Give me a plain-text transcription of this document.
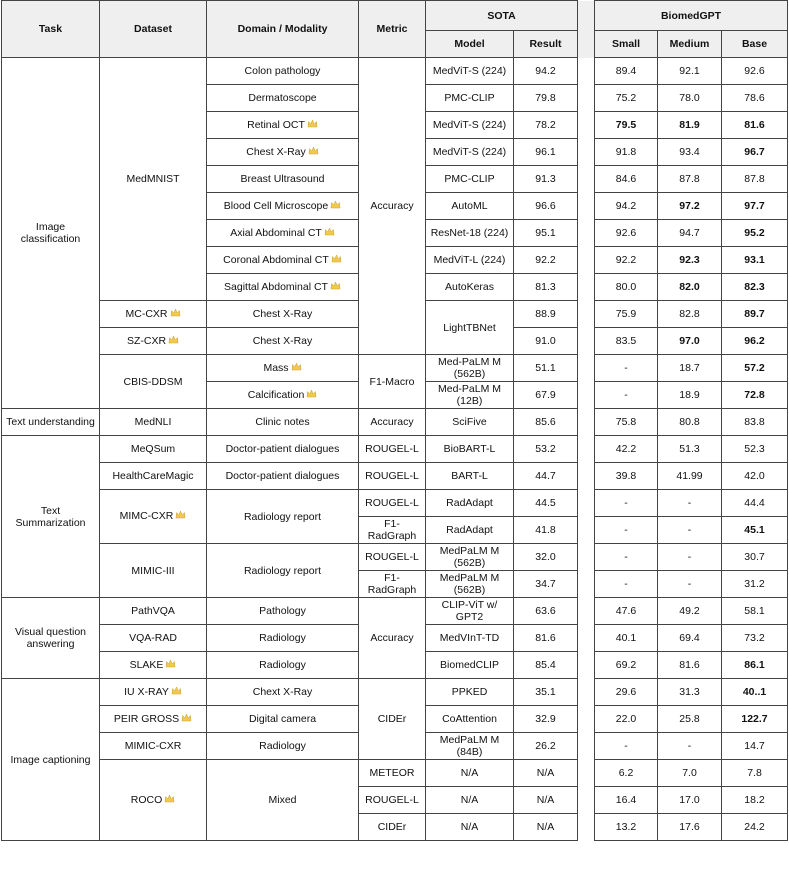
Task	Dataset	Domain / Modality	Metric	SOTA			BiomedGPT		
				Model	Result		Small	Medium	Base
Image classification	MedMNIST	Colon pathology	Accuracy	MedViT-S (224)	94.2		89.4	92.1	92.6
		Dermatoscope		PMC-CLIP	79.8		75.2	78.0	78.6
		Retinal OCT		MedViT-S (224)	78.2		79.5	81.9	81.6
		Chest X-Ray		MedViT-S (224)	96.1		91.8	93.4	96.7
		Breast Ultrasound		PMC-CLIP	91.3		84.6	87.8	87.8
		Blood Cell Microscope		AutoML	96.6		94.2	97.2	97.7
		Axial Abdominal CT		ResNet-18 (224)	95.1		92.6	94.7	95.2
		Coronal Abdominal CT		MedViT-L (224)	92.2		92.2	92.3	93.1
		Sagittal Abdominal CT		AutoKeras	81.3		80.0	82.0	82.3
	MC-CXR	Chest X-Ray		LightTBNet	88.9		75.9	82.8	89.7
	SZ-CXR	Chest X-Ray			91.0		83.5	97.0	96.2
	CBIS-DDSM	Mass	F1-Macro	Med-PaLM M (562B)	51.1		-	18.7	57.2
		Calcification		Med-PaLM M (12B)	67.9		-	18.9	72.8
Text understanding	MedNLI	Clinic notes	Accuracy	SciFive	85.6		75.8	80.8	83.8
Text Summarization	MeQSum	Doctor-patient dialogues	ROUGEL-L	BioBART-L	53.2		42.2	51.3	52.3
	HealthCareMagic	Doctor-patient dialogues	ROUGEL-L	BART-L	44.7		39.8	41.99	42.0
	MIMC-CXR	Radiology report	ROUGEL-L	RadAdapt	44.5		-	-	44.4
			F1-RadGraph	RadAdapt	41.8		-	-	45.1
	MIMIC-III	Radiology report	ROUGEL-L	MedPaLM M (562B)	32.0		-	-	30.7
			F1-RadGraph	MedPaLM M (562B)	34.7		-	-	31.2
Visual question answering	PathVQA	Pathology	Accuracy	CLIP-ViT w/ GPT2	63.6		47.6	49.2	58.1
	VQA-RAD	Radiology		MedVInT-TD	81.6		40.1	69.4	73.2
	SLAKE	Radiology		BiomedCLIP	85.4		69.2	81.6	86.1
Image captioning	IU X-RAY	Chext X-Ray	CIDEr	PPKED	35.1		29.6	31.3	40..1
	PEIR GROSS	Digital camera		CoAttention	32.9		22.0	25.8	122.7
	MIMIC-CXR	Radiology		MedPaLM M (84B)	26.2		-	-	14.7
	ROCO	Mixed	METEOR	N/A	N/A		6.2	7.0	7.8
			ROUGEL-L	N/A	N/A		16.4	17.0	18.2
			CIDEr	N/A	N/A		13.2	17.6	24.2
